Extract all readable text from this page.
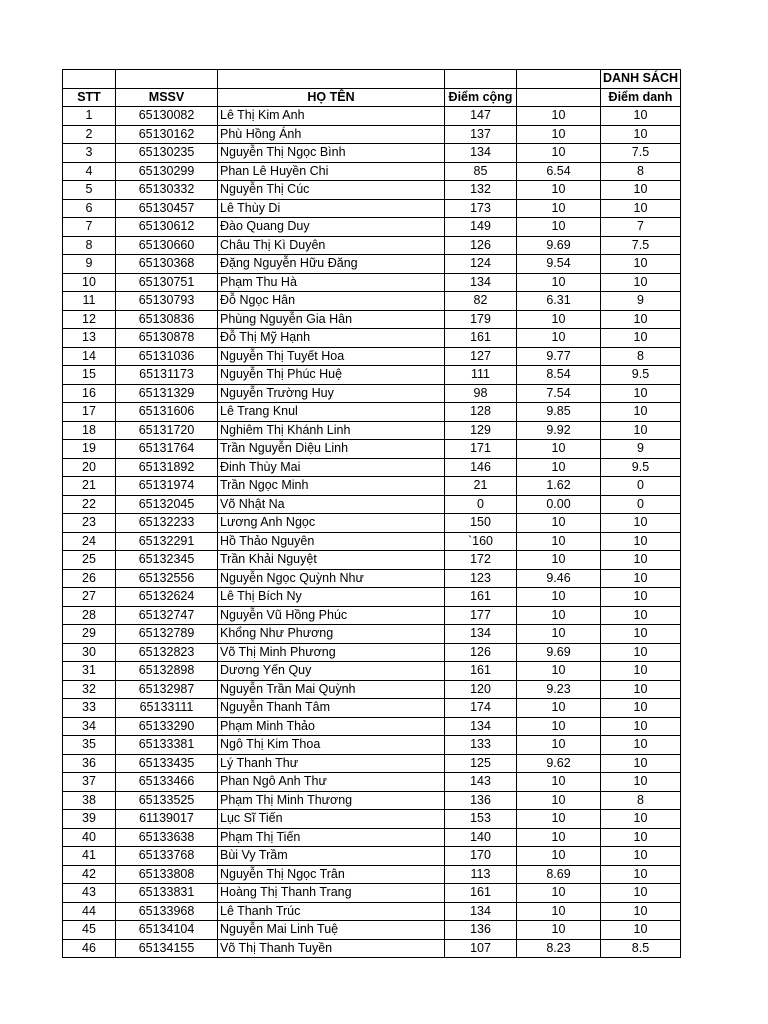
					DANH SÁCH
STT	MSSV	HỌ TÊN	Điểm cộng		Điểm danh
1	65130082	Lê Thị Kim Anh	147	10	10
2	65130162	Phù Hồng Ánh	137	10	10
3	65130235	Nguyễn Thị Ngọc Bình	134	10	7.5
4	65130299	Phan Lê Huyền Chi	85	6.54	8
5	65130332	Nguyễn Thị Cúc	132	10	10
6	65130457	Lê Thùy Di	173	10	10
7	65130612	Đào Quang Duy	149	10	7
8	65130660	Châu Thị Kì Duyên	126	9.69	7.5
9	65130368	Đặng Nguyễn Hữu Đăng	124	9.54	10
10	65130751	Phạm Thu Hà	134	10	10
11	65130793	Đỗ Ngọc Hân	82	6.31	9
12	65130836	Phùng Nguyễn Gia Hân	179	10	10
13	65130878	Đỗ Thị Mỹ Hạnh	161	10	10
14	65131036	Nguyễn Thị Tuyết Hoa	127	9.77	8
15	65131173	Nguyễn Thị Phúc Huệ	111	8.54	9.5
16	65131329	Nguyễn Trường Huy	98	7.54	10
17	65131606	Lê Trang Knul	128	9.85	10
18	65131720	Nghiêm Thị Khánh Linh	129	9.92	10
19	65131764	Trần Nguyễn Diệu Linh	171	10	9
20	65131892	Đinh Thùy Mai	146	10	9.5
21	65131974	Trần Ngọc Minh	21	1.62	0
22	65132045	Võ Nhật Na	0	0.00	0
23	65132233	Lương Anh Ngọc	150	10	10
24	65132291	Hồ Thảo Nguyên	`160	10	10
25	65132345	Trần Khải Nguyệt	172	10	10
26	65132556	Nguyễn Ngọc Quỳnh Như	123	9.46	10
27	65132624	Lê Thị Bích Ny	161	10	10
28	65132747	Nguyễn Vũ Hồng Phúc	177	10	10
29	65132789	Khổng Như Phương	134	10	10
30	65132823	Võ Thị Minh Phương	126	9.69	10
31	65132898	Dương Yến Quy	161	10	10
32	65132987	Nguyễn Trần Mai Quỳnh	120	9.23	10
33	65133111	Nguyễn Thanh Tâm	174	10	10
34	65133290	Phạm Minh Thảo	134	10	10
35	65133381	Ngô Thị Kim Thoa	133	10	10
36	65133435	Lý Thanh Thư	125	9.62	10
37	65133466	Phan Ngô Anh Thư	143	10	10
38	65133525	Phạm Thị Minh Thương	136	10	8
39	61139017	Lục Sĩ Tiến	153	10	10
40	65133638	Phạm Thị Tiến	140	10	10
41	65133768	Bùi Vy Trầm	170	10	10
42	65133808	Nguyễn Thị Ngọc Trân	113	8.69	10
43	65133831	Hoàng Thị Thanh Trang	161	10	10
44	65133968	Lê Thanh Trúc	134	10	10
45	65134104	Nguyễn Mai Linh Tuệ	136	10	10
46	65134155	Võ Thị Thanh Tuyền	107	8.23	8.5
